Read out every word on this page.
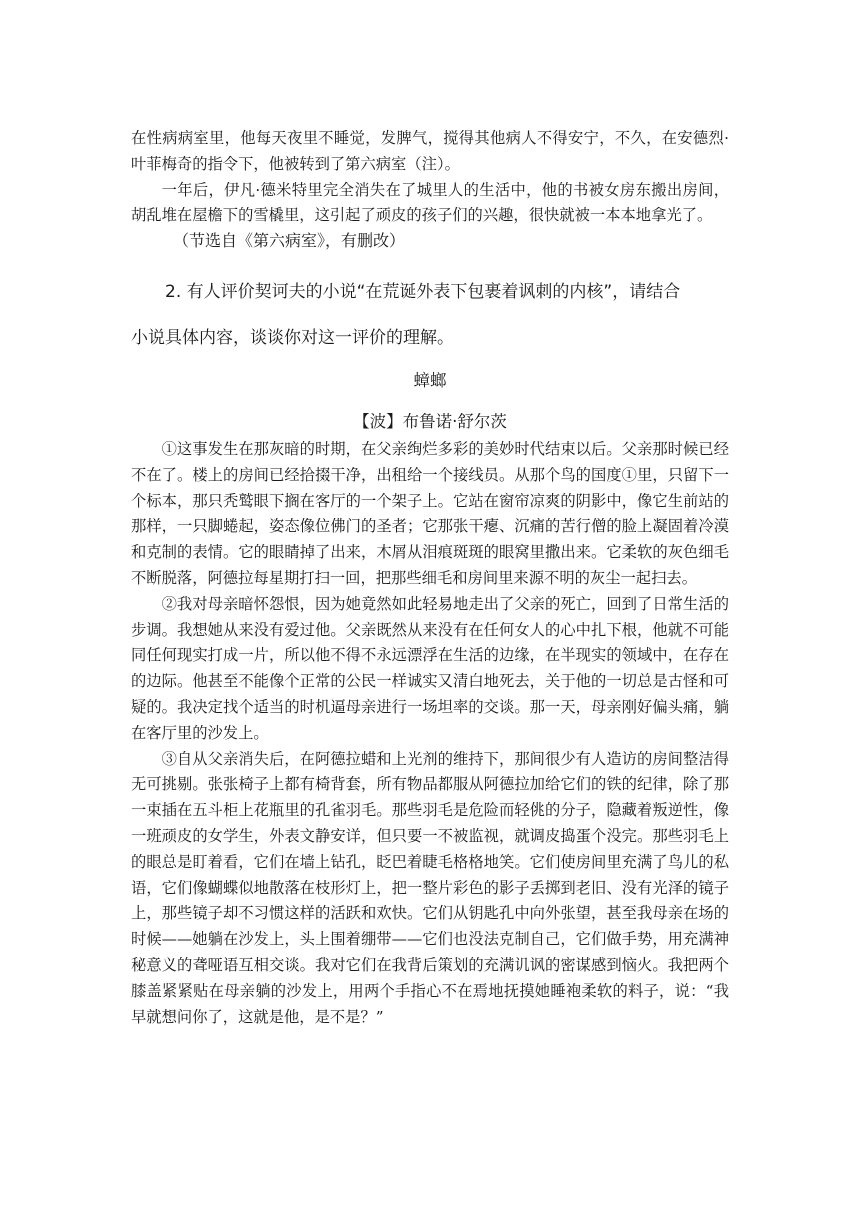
在性病病室里，他每天夜里不睡觉，发脾气，搅得其他病人不得安宁，不久，在安德烈·叶菲梅奇的指令下，他被转到了第六病室（注）。

一年后，伊凡·德米特里完全消失在了城里人的生活中，他的书被女房东搬出房间，胡乱堆在屋檐下的雪橇里，这引起了顽皮的孩子们的兴趣，很快就被一本本地拿光了。

（节选自《第六病室》，有删改）
2. 有人评价契诃夫的小说“在荒诞外表下包裹着讽刺的内核”，请结合
小说具体内容，谈谈你对这一评价的理解。
蟑螂
【波】布鲁诺·舒尔茨

①这事发生在那灰暗的时期，在父亲绚烂多彩的美妙时代结束以后。父亲那时候已经不在了。楼上的房间已经拾掇干净，出租给一个接线员。从那个鸟的国度①里，只留下一个标本，那只秃鹫眼下搁在客厅的一个架子上。它站在窗帘凉爽的阴影中，像它生前站的那样，一只脚蜷起，姿态像位佛门的圣者；它那张干瘪、沉痛的苦行僧的脸上凝固着冷漠和克制的表情。它的眼睛掉了出来，木屑从泪痕斑斑的眼窝里撒出来。它柔软的灰色细毛不断脱落，阿德拉每星期打扫一回，把那些细毛和房间里来源不明的灰尘一起扫去。

②我对母亲暗怀怨恨，因为她竟然如此轻易地走出了父亲的死亡，回到了日常生活的步调。我想她从来没有爱过他。父亲既然从来没有在任何女人的心中扎下根，他就不可能同任何现实打成一片，所以他不得不永远漂浮在生活的边缘，在半现实的领域中，在存在的边际。他甚至不能像个正常的公民一样诚实又清白地死去，关于他的一切总是古怪和可疑的。我决定找个适当的时机逼母亲进行一场坦率的交谈。那一天，母亲刚好偏头痛，躺在客厅里的沙发上。

③自从父亲消失后，在阿德拉蜡和上光剂的维持下，那间很少有人造访的房间整洁得无可挑剔。张张椅子上都有椅背套，所有物品都服从阿德拉加给它们的铁的纪律，除了那一束插在五斗柜上花瓶里的孔雀羽毛。那些羽毛是危险而轻佻的分子，隐藏着叛逆性，像一班顽皮的女学生，外表文静安详，但只要一不被监视，就调皮捣蛋个没完。那些羽毛上的眼总是盯着看，它们在墙上钻孔，眨巴着睫毛格格地笑。它们使房间里充满了鸟儿的私语，它们像蝴蝶似地散落在枝形灯上，把一整片彩色的影子丢掷到老旧、没有光泽的镜子上，那些镜子却不习惯这样的活跃和欢快。它们从钥匙孔中向外张望，甚至我母亲在场的时候——她躺在沙发上，头上围着绷带——它们也没法克制自己，它们做手势，用充满神秘意义的聋哑语互相交谈。我对它们在我背后策划的充满讥讽的密谋感到恼火。我把两个膝盖紧紧贴在母亲躺的沙发上，用两个手指心不在焉地抚摸她睡袍柔软的料子，说：“我早就想问你了，这就是他，是不是？”
